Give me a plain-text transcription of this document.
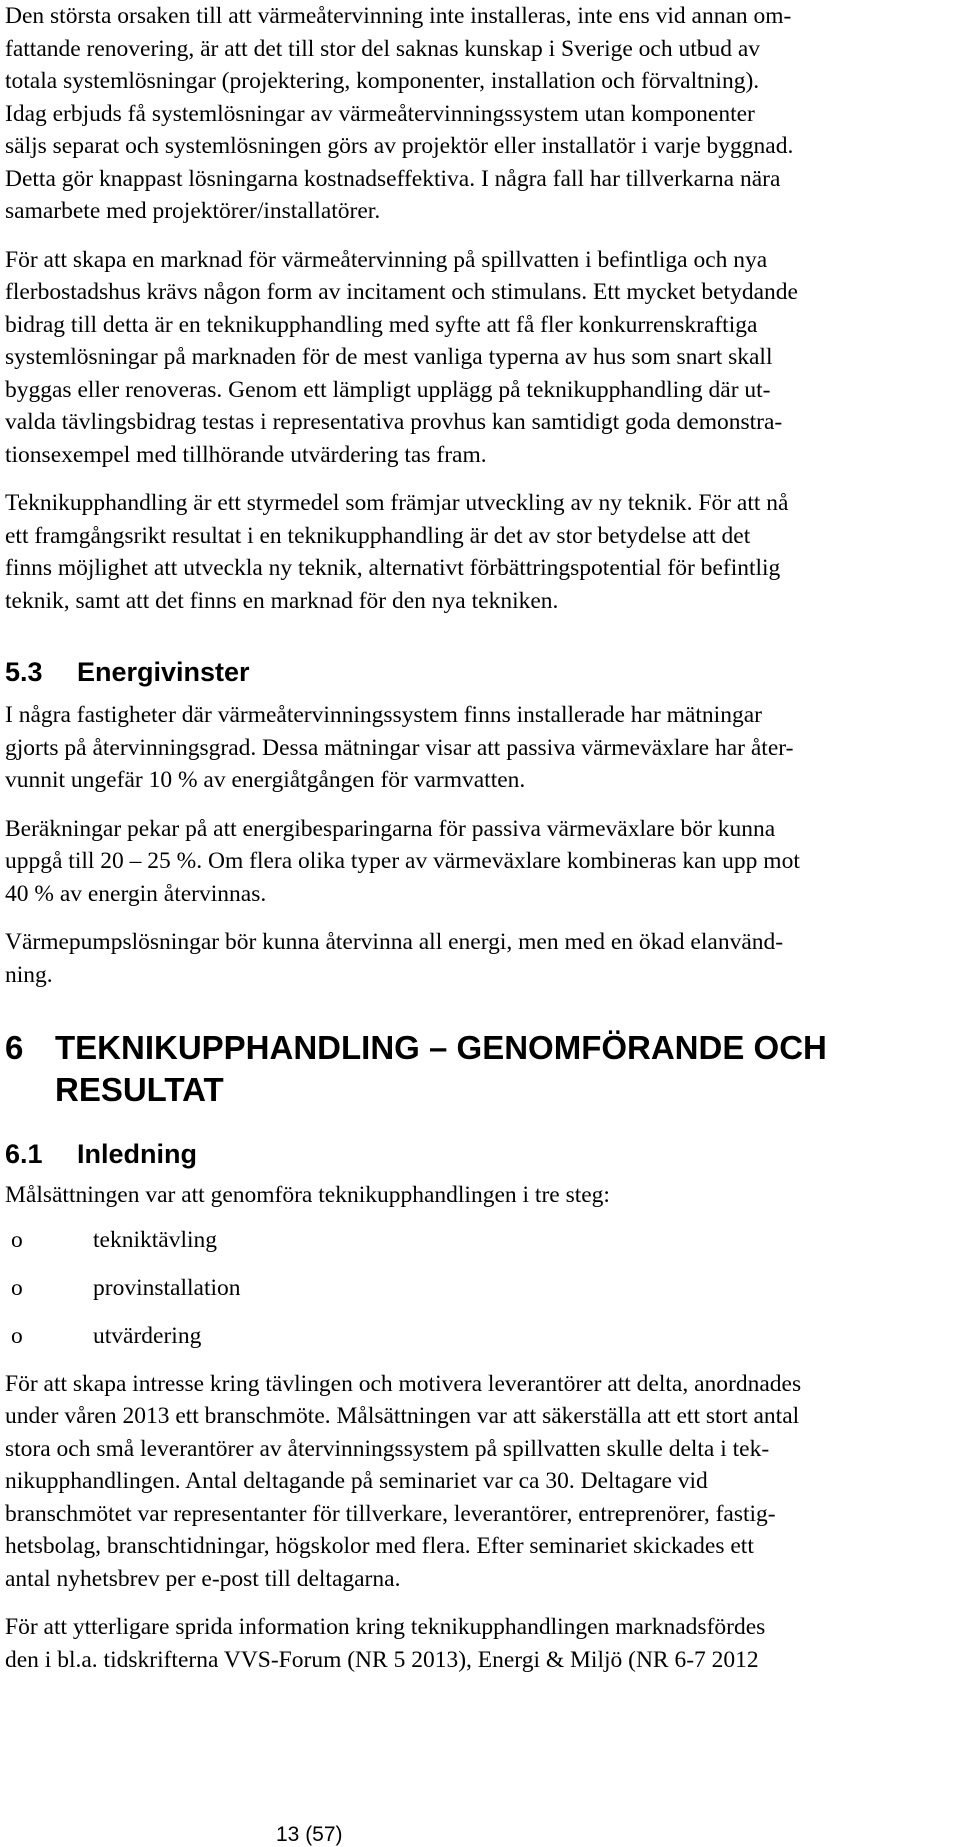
Den största orsaken till att värmeåtervinning inte installeras, inte ens vid annan om-
fattande renovering, är att det till stor del saknas kunskap i Sverige och utbud av
totala systemlösningar (projektering, komponenter, installation och förvaltning).
Idag erbjuds få systemlösningar av värmeåtervinningssystem utan komponenter
säljs separat och systemlösningen görs av projektör eller installatör i varje byggnad.
Detta gör knappast lösningarna kostnadseffektiva. I några fall har tillverkarna nära
samarbete med projektörer/installatörer.

För att skapa en marknad för värmeåtervinning på spillvatten i befintliga och nya
flerbostadshus krävs någon form av incitament och stimulans. Ett mycket betydande
bidrag till detta är en teknikupphandling med syfte att få fler konkurrenskraftiga
systemlösningar på marknaden för de mest vanliga typerna av hus som snart skall
byggas eller renoveras. Genom ett lämpligt upplägg på teknikupphandling där ut-
valda tävlingsbidrag testas i representativa provhus kan samtidigt goda demonstra-
tionsexempel med tillhörande utvärdering tas fram.

Teknikupphandling är ett styrmedel som främjar utveckling av ny teknik. För att nå
ett framgångsrikt resultat i en teknikupphandling är det av stor betydelse att det
finns möjlighet att utveckla ny teknik, alternativt förbättringspotential för befintlig
teknik, samt att det finns en marknad för den nya tekniken.

5.3	Energivinster

I några fastigheter där värmeåtervinningssystem finns installerade har mätningar
gjorts på återvinningsgrad. Dessa mätningar visar att passiva värmeväxlare har åter-
vunnit ungefär 10 % av energiåtgången för varmvatten.

Beräkningar pekar på att energibesparingarna för passiva värmeväxlare bör kunna
uppgå till 20 – 25 %. Om flera olika typer av värmeväxlare kombineras kan upp mot
40 % av energin återvinnas.

Värmepumpslösningar bör kunna återvinna all energi, men med en ökad elanvänd-
ning.

6 TEKNIKUPPHANDLING – GENOMFÖRANDE OCH
RESULTAT
6.1	Inledning

Målsättningen var att genomföra teknikupphandlingen i tre steg:

o	tekniktävling
o	provinstallation
o	utvärdering

För att skapa intresse kring tävlingen och motivera leverantörer att delta, anordnades
under våren 2013 ett branschmöte. Målsättningen var att säkerställa att ett stort antal
stora och små leverantörer av återvinningssystem på spillvatten skulle delta i tek-
nikupphandlingen. Antal deltagande på seminariet var ca 30. Deltagare vid
branschmötet var representanter för tillverkare, leverantörer, entreprenörer, fastig-
hetsbolag, branschtidningar, högskolor med flera. Efter seminariet skickades ett
antal nyhetsbrev per e-post till deltagarna.

För att ytterligare sprida information kring teknikupphandlingen marknadsfördes
den i bl.a. tidskrifterna VVS-Forum (NR 5 2013), Energi & Miljö (NR 6-7 2012

13 (57)
